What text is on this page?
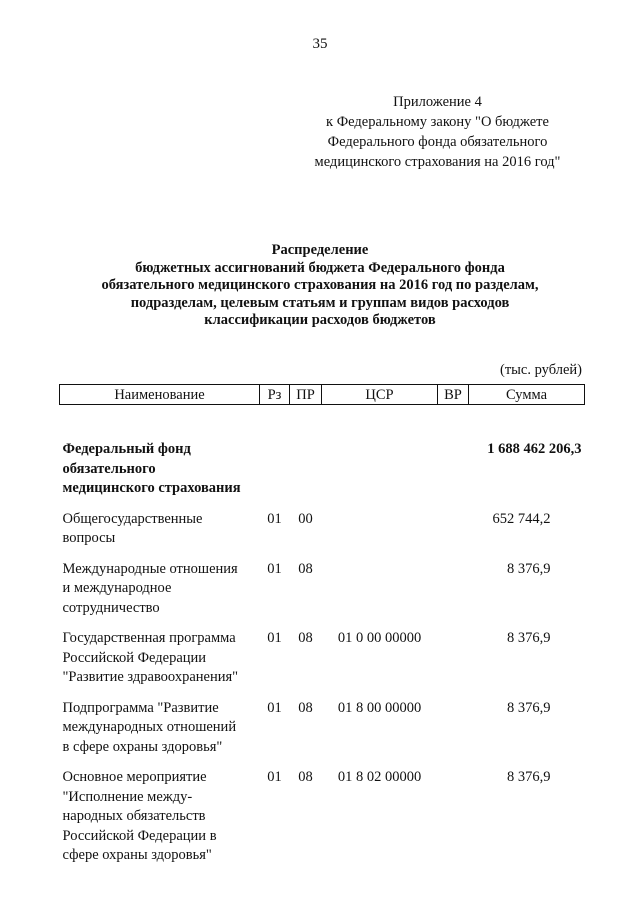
35
Приложение 4
к Федеральному закону "О бюджете
Федерального фонда обязательного
медицинского страхования на 2016 год"
Распределение
бюджетных ассигнований бюджета Федерального фонда
обязательного медицинского страхования на 2016 год по разделам,
подразделам, целевым статьям и группам видов расходов
классификации расходов бюджетов
(тыс. рублей)
Наименование	Рз	ПР	ЦСР	ВР	Сумма

Федеральный фонд
обязательного
медицинского страхования					1 688 462 206,3

Общегосударственные
вопросы	01	00			652 744,2

Международные отношения
и международное
сотрудничество	01	08			8 376,9

Государственная программа
Российской Федерации
"Развитие здравоохранения"	01	08	01 0 00 00000		8 376,9

Подпрограмма "Развитие
международных отношений
в сфере охраны здоровья"	01	08	01 8 00 00000		8 376,9

Основное мероприятие
"Исполнение между-
народных обязательств
Российской Федерации в
сфере охраны здоровья"	01	08	01 8 02 00000		8 376,9
